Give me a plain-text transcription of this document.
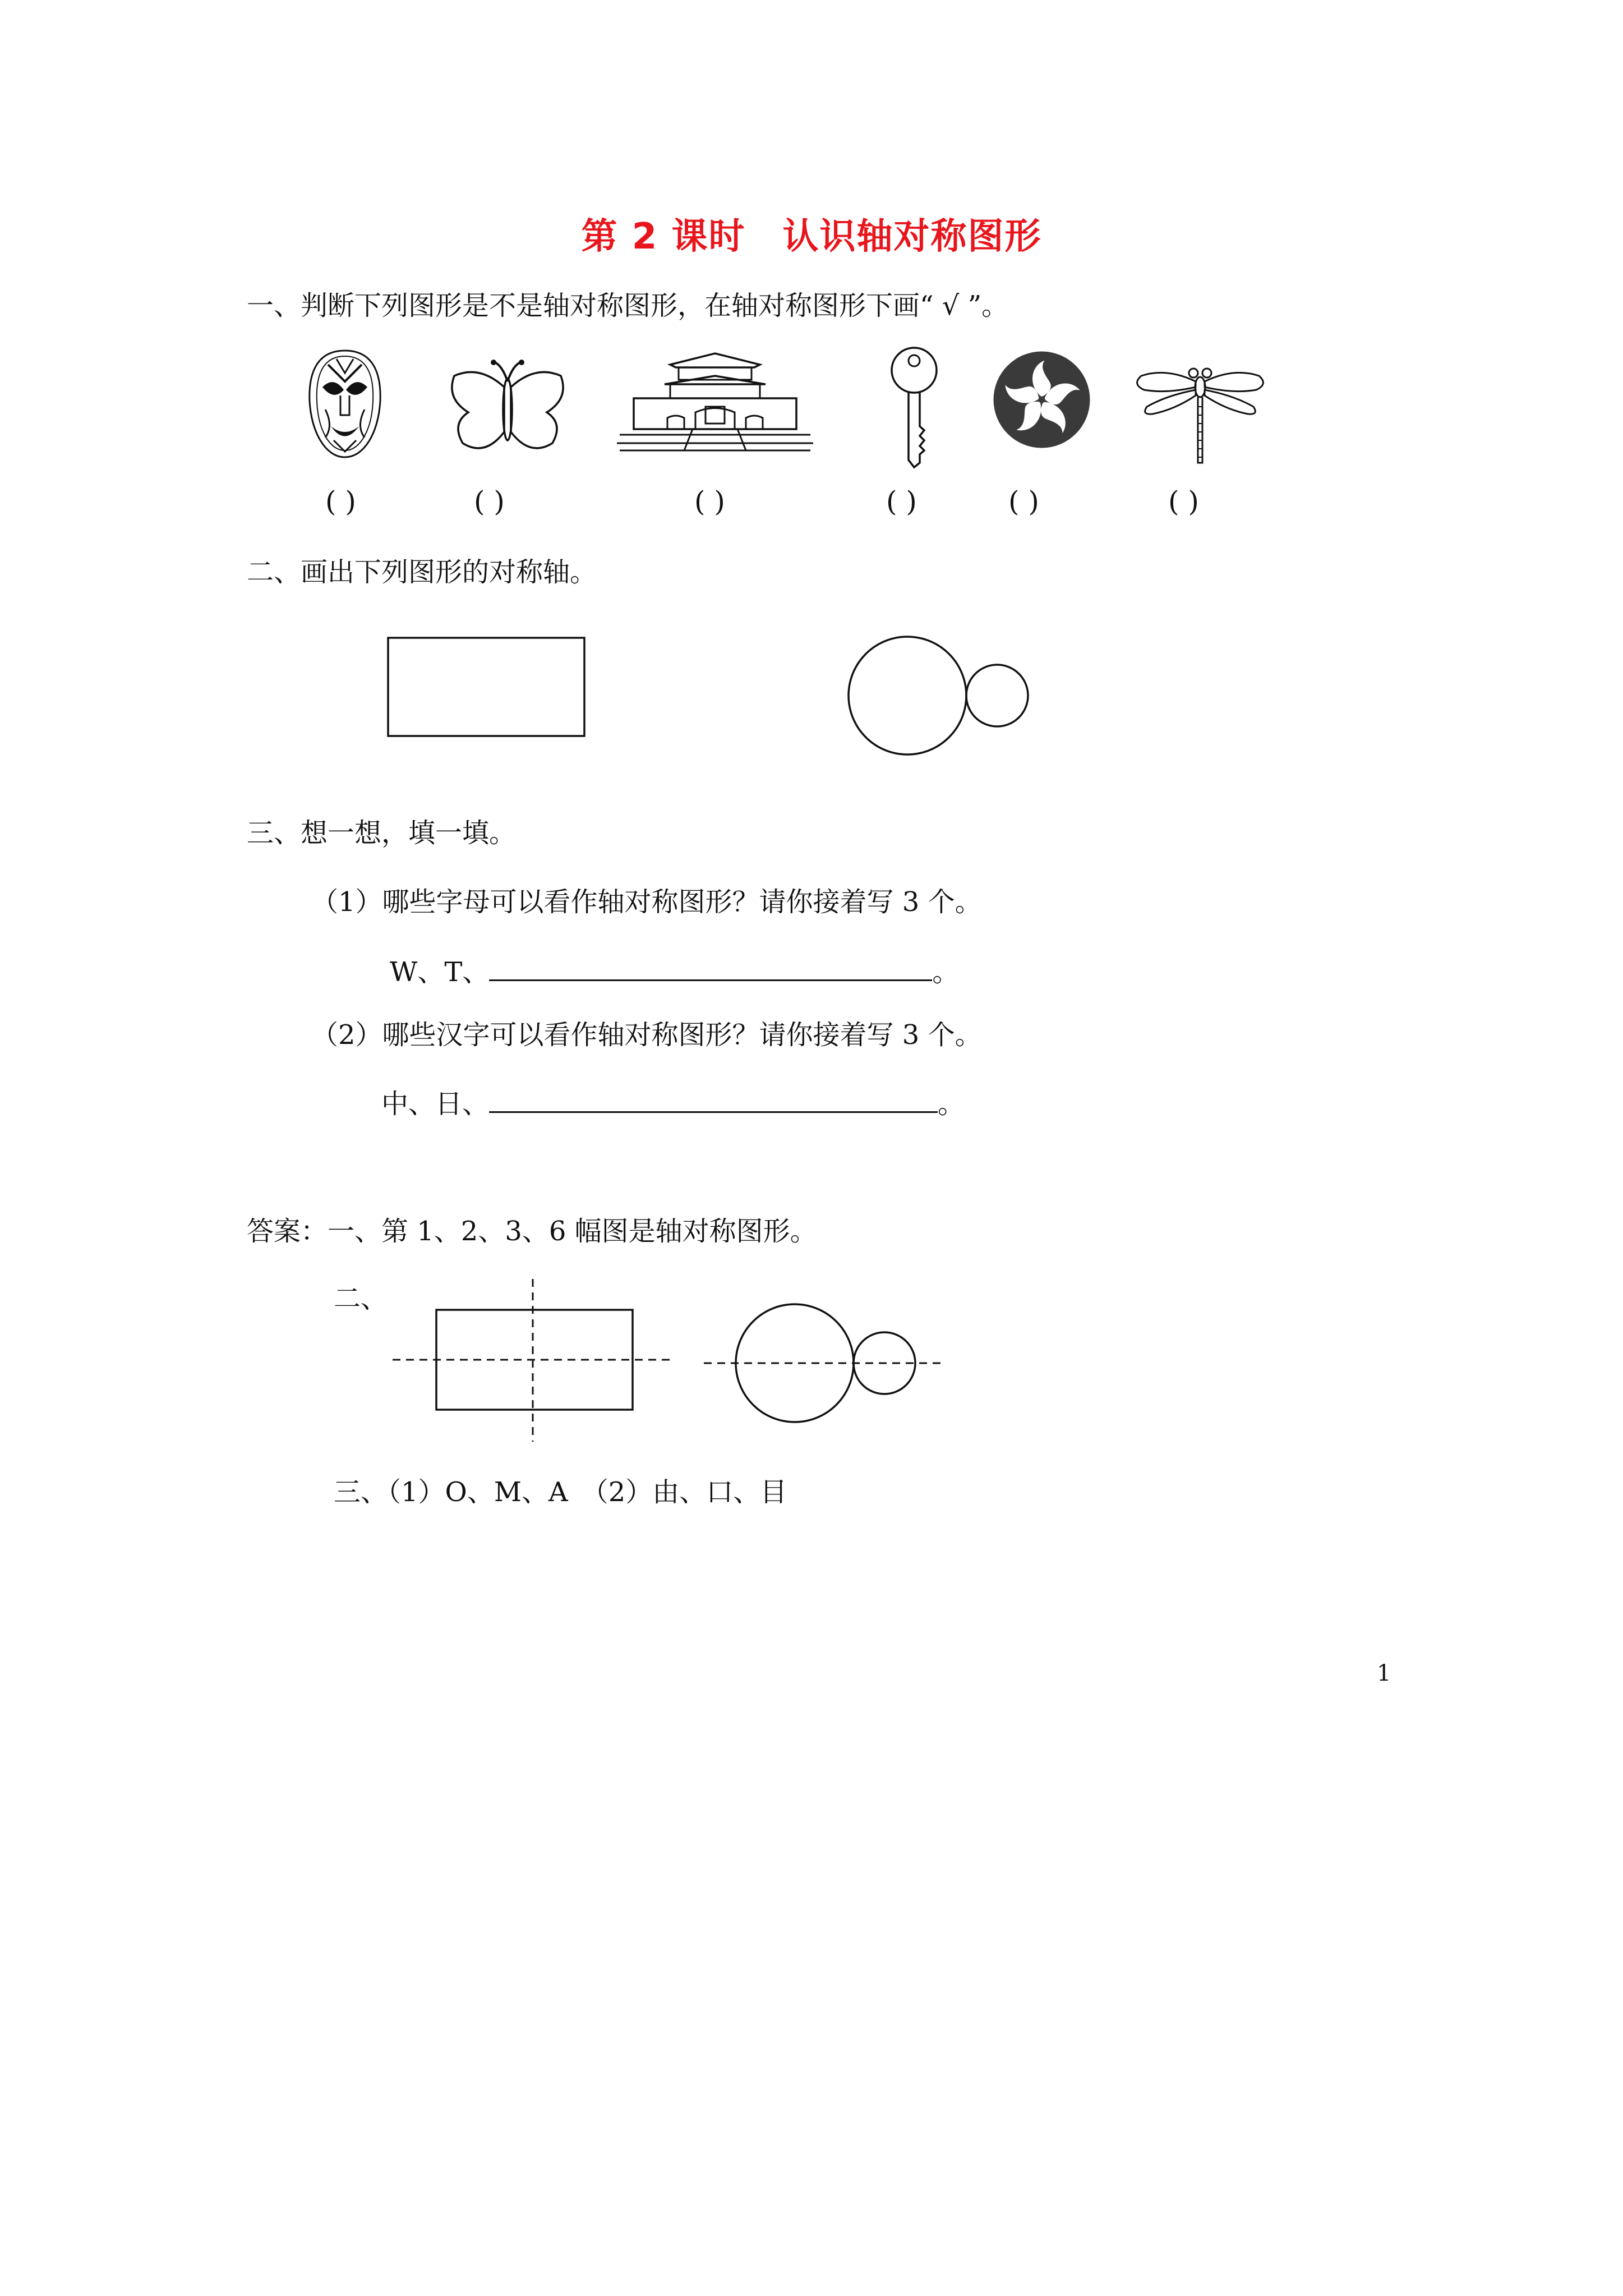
第 2 课时　认识轴对称图形
一、判断下列图形是不是轴对称图形，在轴对称图形下画“ √ ”。
( )	( )	( )	( )	( )	( )
二、画出下列图形的对称轴。
三、想一想，填一填。
（1）哪些字母可以看作轴对称图形？请你接着写 3 个。
W、T、	。
（2）哪些汉字可以看作轴对称图形？请你接着写 3 个。
中、日、	。
答案：一、第 1、2、3、6 幅图是轴对称图形。
二、
三、（1）O、M、A　（2）由、口、目
1
